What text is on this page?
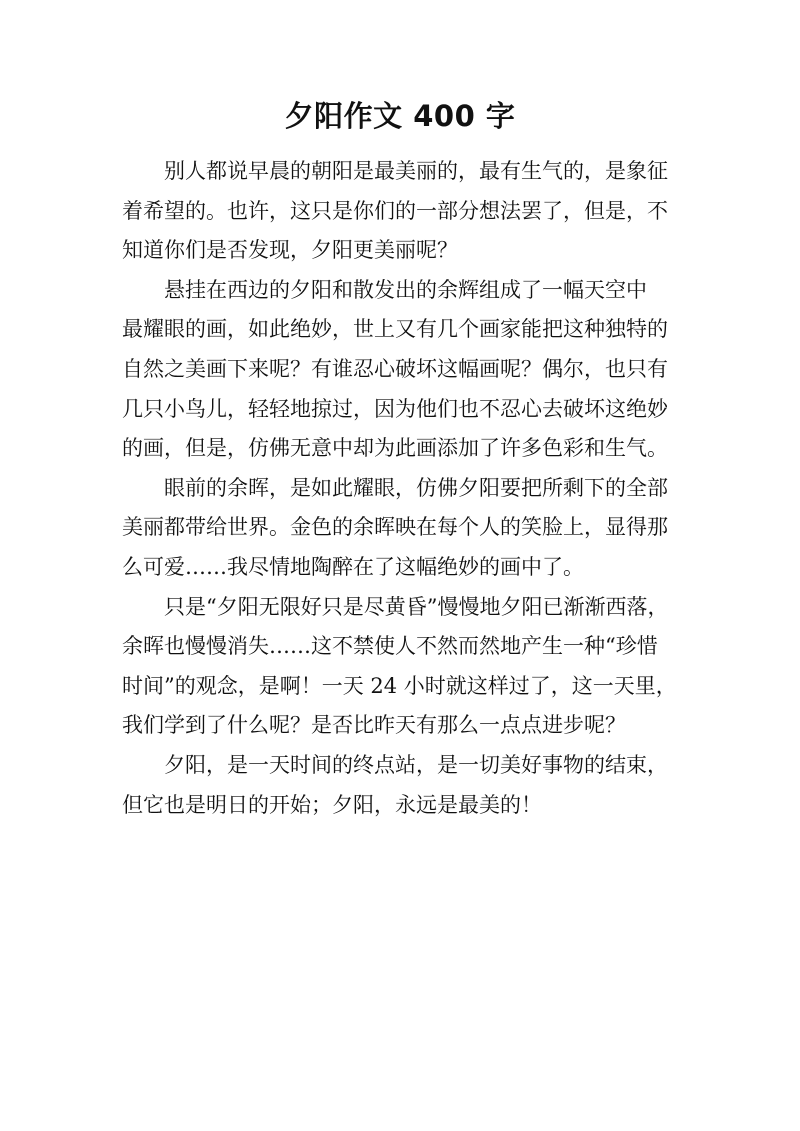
夕阳作文 400 字

别人都说早晨的朝阳是最美丽的，最有生气的，是象征
着希望的。也许，这只是你们的一部分想法罢了，但是，不
知道你们是否发现，夕阳更美丽呢？

悬挂在西边的夕阳和散发出的余辉组成了一幅天空中
最耀眼的画，如此绝妙，世上又有几个画家能把这种独特的
自然之美画下来呢？有谁忍心破坏这幅画呢？偶尔，也只有
几只小鸟儿，轻轻地掠过，因为他们也不忍心去破坏这绝妙
的画，但是，仿佛无意中却为此画添加了许多色彩和生气。

眼前的余晖，是如此耀眼，仿佛夕阳要把所剩下的全部
美丽都带给世界。金色的余晖映在每个人的笑脸上，显得那
么可爱……我尽情地陶醉在了这幅绝妙的画中了。

只是“夕阳无限好只是尽黄昏”慢慢地夕阳已渐渐西落，
余晖也慢慢消失……这不禁使人不然而然地产生一种“珍惜
时间”的观念，是啊！一天 24 小时就这样过了，这一天里，
我们学到了什么呢？是否比昨天有那么一点点进步呢？

夕阳，是一天时间的终点站，是一切美好事物的结束，
但它也是明日的开始；夕阳，永远是最美的！
